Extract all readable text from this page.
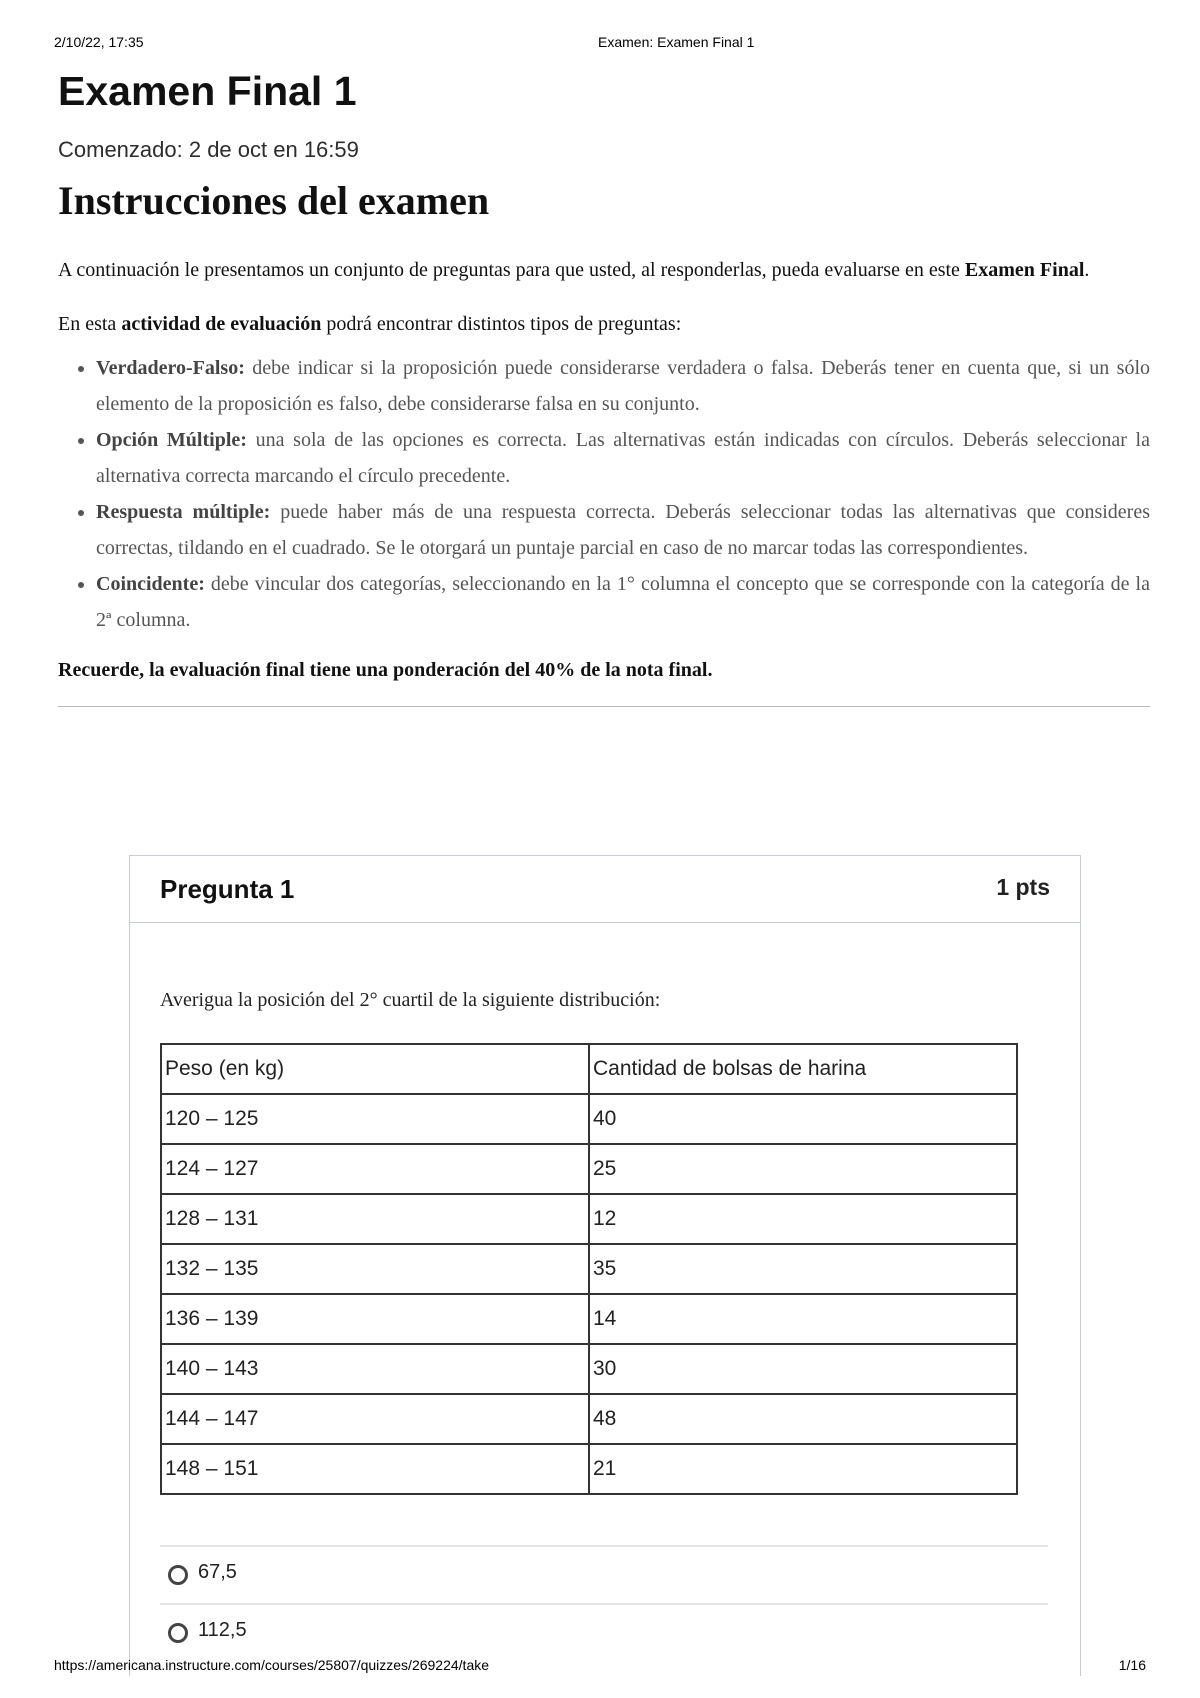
2/10/22, 17:35	Examen: Examen Final 1
Examen Final 1
Comenzado: 2 de oct en 16:59
Instrucciones del examen

A continuación le presentamos un conjunto de preguntas para que usted, al responderlas, pueda evaluarse en este Examen Final.

En esta actividad de evaluación podrá encontrar distintos tipos de preguntas:

• Verdadero-Falso: debe indicar si la proposición puede considerarse verdadera o falsa. Deberás tener en cuenta que, si un sólo elemento de la proposición es falso, debe considerarse falsa en su conjunto.
• Opción Múltiple: una sola de las opciones es correcta. Las alternativas están indicadas con círculos. Deberás seleccionar la alternativa correcta marcando el círculo precedente.
• Respuesta múltiple: puede haber más de una respuesta correcta. Deberás seleccionar todas las alternativas que consideres correctas, tildando en el cuadrado. Se le otorgará un puntaje parcial en caso de no marcar todas las correspondientes.
• Coincidente: debe vincular dos categorías, seleccionando en la 1° columna el concepto que se corresponde con la categoría de la 2ª columna.

Recuerde, la evaluación final tiene una ponderación del 40% de la nota final.

Pregunta 1	1 pts
Averigua la posición del 2° cuartil de la siguiente distribución:
Peso (en kg)	Cantidad de bolsas de harina
120 – 125	40
124 – 127	25
128 – 131	12
132 – 135	35
136 – 139	14
140 – 143	30
144 – 147	48
148 – 151	21
67,5
112,5
https://americana.instructure.com/courses/25807/quizzes/269224/take	1/16
